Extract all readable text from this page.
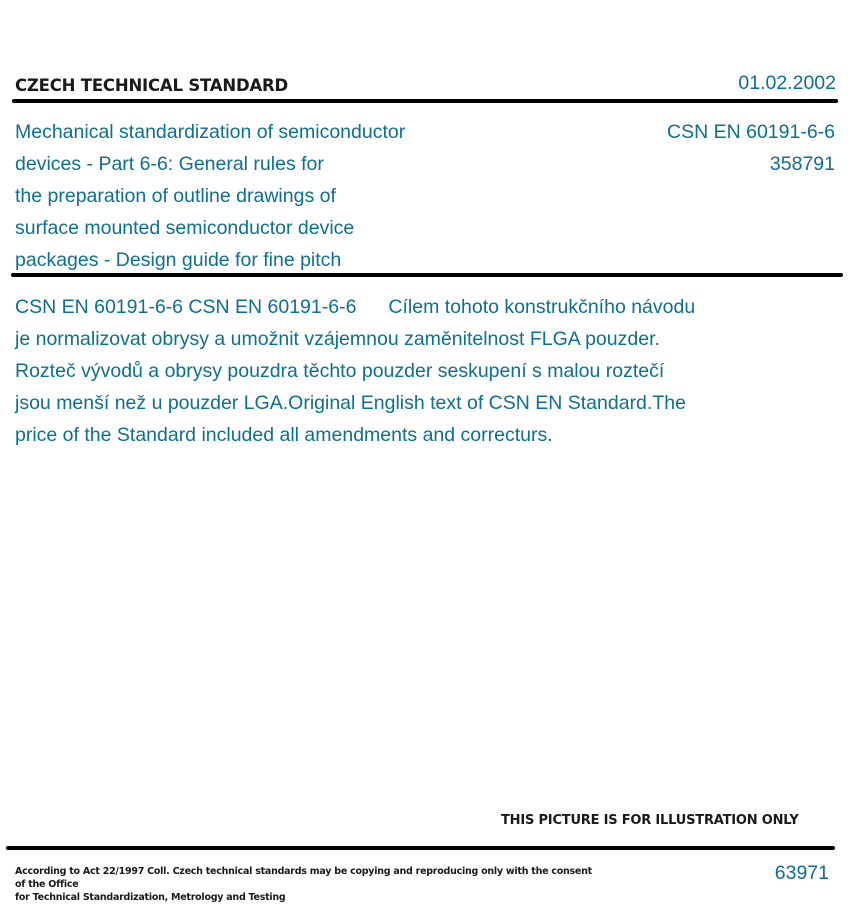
CZECH TECHNICAL STANDARD	01.02.2002
Mechanical standardization of semiconductor
devices - Part 6-6: General rules for
the preparation of outline drawings of
surface mounted semiconductor device
packages - Design guide for fine pitch
CSN EN 60191-6-6
358791
CSN EN 60191-6-6 CSN EN 60191-6-6 Cílem tohoto konstrukčního návodu
je normalizovat obrysy a umožnit vzájemnou zaměnitelnost FLGA pouzder.
Rozteč vývodů a obrysy pouzdra těchto pouzder seskupení s malou roztečí
jsou menší než u pouzder LGA.Original English text of CSN EN Standard.The
price of the Standard included all amendments and correcturs.
THIS PICTURE IS FOR ILLUSTRATION ONLY
According to Act 22/1997 Coll. Czech technical standards may be copying and reproducing only with the consent of the Office
for Technical Standardization, Metrology and Testing
63971
